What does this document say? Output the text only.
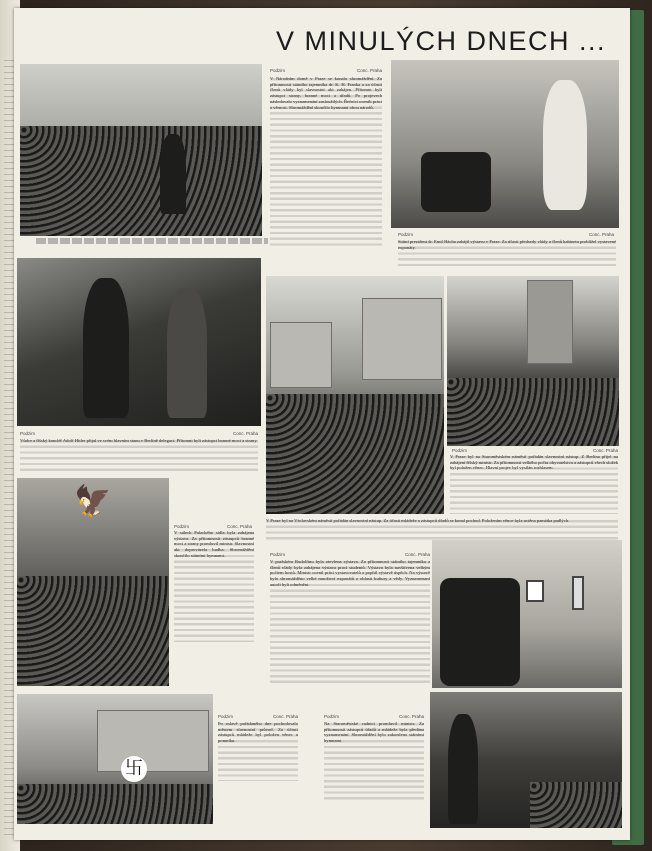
V MINULÝCH DNECH ...
Podzim	Conc. Praha
V Národním domě v Praze se konalo shromáždění. Za přítomnosti státního tajemníka dr. K. H. Franka a za účasti členů vlády byl slavnostní akt zahájen. Přítomni byli zástupci strany, branné moci a úřadů. Po projevech následovalo vyznamenání zasloužilých. Řečníci ocenili práci a věrnost. Shromáždění skončilo hymnami obou národů.
Podzim	Conc. Praha
Státní prezident dr. Emil Hácha zahájil výstavu v Praze. Za účasti předsedy vlády a členů kabinetu prohlížel vystavené exponáty.
Podzim	Conc. Praha
Vůdce a říšský kancléř Adolf Hitler přijal ve svém hlavním stanu v Berlíně delegaci. Přítomni byli zástupci branné moci a strany.
Podzim	Conc. Praha
V Praze byl na Staroměstském náměstí pořádán slavnostní nástup. Z Berlína přijel na zahájení říšský ministr. Za přítomnosti velkého počtu obyvatelstva a zástupců všech složek byl položen věnec. Hlavní projev byl vysílán rozhlasem.
V Praze byl na Václavském náměstí pořádán slavnostní nástup. Za účasti mládeže a zástupců úřadů se konal pochod. Položením věnce byla uctěna památka padlých.
🦅
Podzim	Conc. Praha
V sálech Palackého sídla byla zahájena výstava. Za přítomnosti zástupců branné moci a strany promluvil ministr. Slavnostní akt doprovázela hudba. Shromáždění skončilo státními hymnami.	Podzim	Conc. Praha
V pražském Rudolfinu byla otevřena výstava. Za přítomnosti státního tajemníka a členů vlády byla zahájena výstava prací studentů. Výstava byla navštívena velkým počtem hostů. Ministr ocenil práci vystavovatelů a popřál výstavě úspěch. Na výstavě bylo shromážděno velké množství exponátů z oblasti kultury a vědy. Vyznamenaní autoři byli odměněni.
卐
Podzim	Conc. Praha
Po oslavě pořádaného dne pochodovalo městem slavnostní průvod. Za účasti zástupců mládeže byl položen věnec u pomníku.
Podzim	Conc. Praha
Na Staroměstské radnici promluvil ministr. Za přítomnosti zástupců úřadů a mládeže byla předána vyznamenání. Shromáždění bylo zakončeno státními hymnami.
